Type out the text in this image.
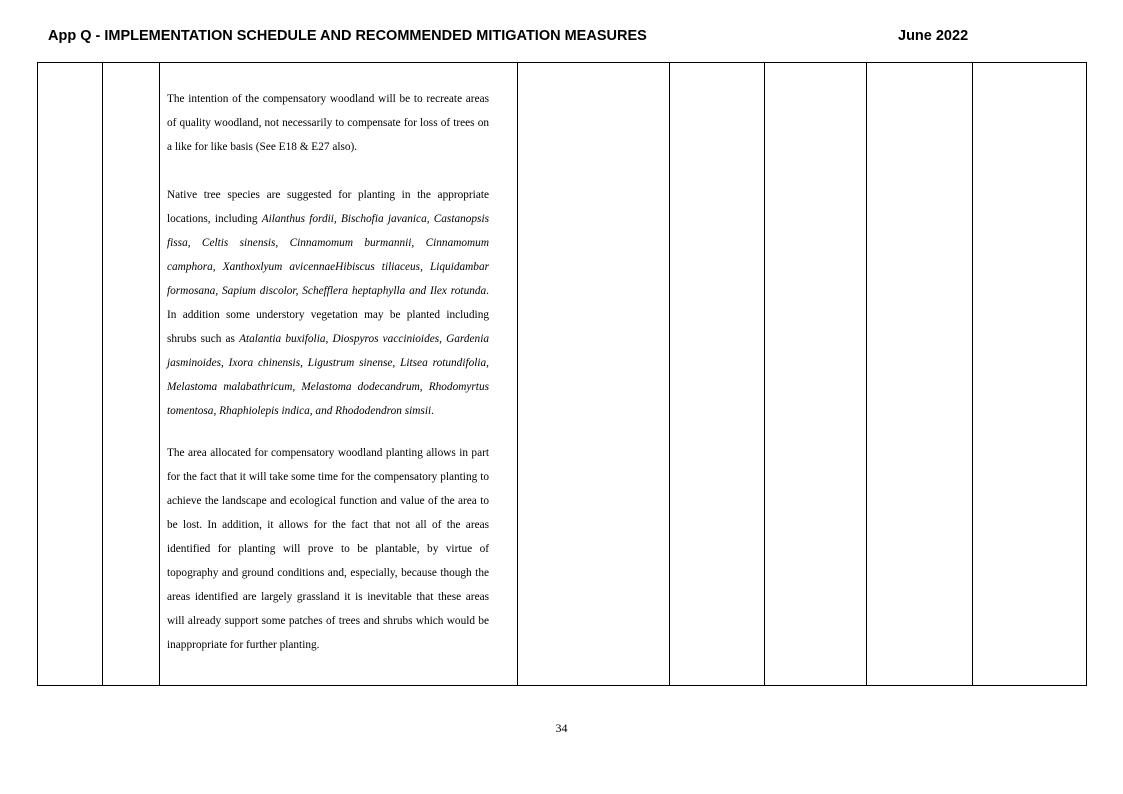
App Q - IMPLEMENTATION SCHEDULE AND RECOMMENDED MITIGATION MEASURES	June 2022

The intention of the compensatory woodland will be to recreate areas of quality woodland, not necessarily to compensate for loss of trees on a like for like basis (See E18 & E27 also).

Native tree species are suggested for planting in the appropriate locations, including Ailanthus fordii, Bischofia javanica, Castanopsis fissa, Celtis sinensis, Cinnamomum burmannii, Cinnamomum camphora, Xanthoxlyum avicennaeHibiscus tiliaceus, Liquidambar formosana, Sapium discolor, Schefflera heptaphylla and Ilex rotunda. In addition some understory vegetation may be planted including shrubs such as Atalantia buxifolia, Diospyros vaccinioides, Gardenia jasminoides, Ixora chinensis, Ligustrum sinense, Litsea rotundifolia, Melastoma malabathricum, Melastoma dodecandrum, Rhodomyrtus tomentosa, Rhaphiolepis indica, and Rhododendron simsii.

The area allocated for compensatory woodland planting allows in part for the fact that it will take some time for the compensatory planting to achieve the landscape and ecological function and value of the area to be lost. In addition, it allows for the fact that not all of the areas identified for planting will prove to be plantable, by virtue of topography and ground conditions and, especially, because though the areas identified are largely grassland it is inevitable that these areas will already support some patches of trees and shrubs which would be inappropriate for further planting.

34
